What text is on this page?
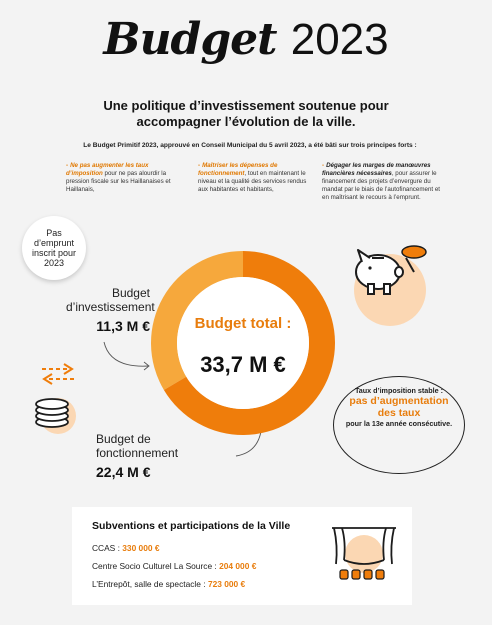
Budget 2023
Une politique d’investissement soutenue pour accompagner l’évolution de la ville.
Le Budget Primitif 2023, approuvé en Conseil Municipal du 5 avril 2023, a été bâti sur trois principes forts :
- Ne pas augmenter les taux d’imposition pour ne pas alourdir la pression fiscale sur les Haillanaises et Haillanais,
- Maîtriser les dépenses de fonctionnement, tout en maintenant le niveau et la qualité des services rendus aux habitantes et habitants,
- Dégager les marges de manœuvres financières nécessaires, pour assurer le financement des projets d’envergure du mandat par le biais de l’autofinancement et en maîtrisant le recours à l’emprunt.
Pas d’emprunt inscrit pour 2023
Budget d’investissement
11,3 M €
Budget de fonctionnement
22,4 M €
Budget total :
33,7 M €
Taux d’imposition stable :
pas d’augmentation des taux
pour la 13e année consécutive.
Subventions et participations de la Ville
CCAS : 330 000 €
Centre Socio Culturel La Source : 204 000 €
L’Entrepôt, salle de spectacle : 723 000 €
